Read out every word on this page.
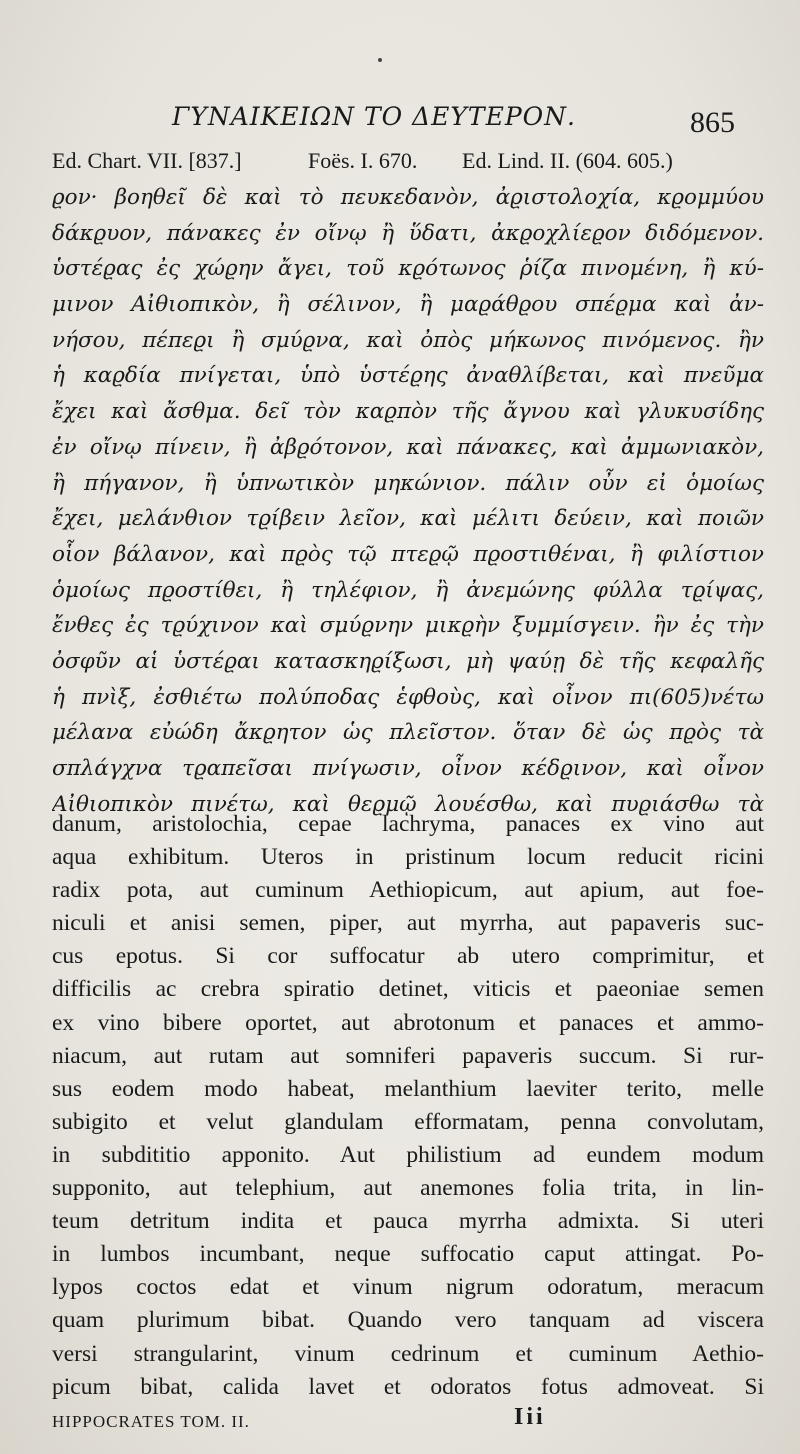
ΓΥΝΑΙΚΕΙΩΝ ΤΟ ΔΕΥΤΕΡΟΝ.	865
Ed. Chart. VII. [837.]	Foës. I. 670. Ed. Lind. II. (604. 605.)
ϱον· βοηθεῖ δὲ καὶ τὸ πευκεδανὸν, ἀϱιστολοχία, κϱομμύου
δάκϱυον, πάνακες ἐν οἴνῳ ἢ ὕδατι, ἀκϱοχλίεϱον διδόμενον.
ὑστέϱας ἐς χώϱην ἄγει, τοῦ κϱότωνος ῥίζα πινομένη, ἢ κύ-
μινον Αἰθιοπικὸν, ἢ σέλινον, ἢ μαϱάθϱου σπέϱμα καὶ ἀν-
νήσου, πέπεϱι ἢ σμύϱνα, καὶ ὀπὸς μήκωνος πινόμενος. ἢν
ἡ καϱδία πνίγεται, ὑπὸ ὑστέϱης ἀναθλίβεται, καὶ πνεῦμα
ἔχει καὶ ἄσθμα. δεῖ τὸν καϱπὸν τῆς ἄγνου καὶ γλυκυσίδης
ἐν οἴνῳ πίνειν, ἢ ἀβϱότονον, καὶ πάνακες, καὶ ἀμμωνιακὸν,
ἢ πήγανον, ἢ ὑπνωτικὸν μηκώνιον. πάλιν οὖν εἰ ὁμοίως
ἔχει, μελάνθιον τϱίβειν λεῖον, καὶ μέλιτι δεύειν, καὶ ποιῶν
οἷον βάλανον, καὶ πϱὸς τῷ πτεϱῷ πϱοστιθέναι, ἢ φιλίστιον
ὁμοίως πϱοστίθει, ἢ τηλέφιον, ἢ ἀνεμώνης φύλλα τϱίψας,
ἔνθες ἐς τϱύχινον καὶ σμύϱνην μικϱὴν ξυμμίσγειν. ἢν ἐς τὴν
ὀσφῦν αἱ ὑστέϱαι κατασκηϱίξωσι, μὴ ψαύῃ δὲ τῆς κεφαλῆς
ἡ πνὶξ, ἐσθιέτω πολύποδας ἑφθοὺς, καὶ οἶνον πι(605)νέτω
μέλανα εὐώδη ἄκϱητον ὡς πλεῖστον. ὅταν δὲ ὡς πϱὸς τὰ
σπλάγχνα τϱαπεῖσαι πνίγωσιν, οἶνον κέδϱινον, καὶ οἶνον
Αἰθιοπικὸν πινέτω, καὶ θεϱμῷ λουέσθω, καὶ πυϱιάσθω τὰ
danum, aristolochia, cepae lachryma, panaces ex vino aut
aqua exhibitum. Uteros in pristinum locum reducit ricini
radix pota, aut cuminum Aethiopicum, aut apium, aut foe-
niculi et anisi semen, piper, aut myrrha, aut papaveris suc-
cus epotus. Si cor suffocatur ab utero comprimitur, et
difficilis ac crebra spiratio detinet, viticis et paeoniae semen
ex vino bibere oportet, aut abrotonum et panaces et ammo-
niacum, aut rutam aut somniferi papaveris succum. Si rur-
sus eodem modo habeat, melanthium laeviter terito, melle
subigito et velut glandulam efformatam, penna convolutam,
in subdititio apponito. Aut philistium ad eundem modum
supponito, aut telephium, aut anemones folia trita, in lin-
teum detritum indita et pauca myrrha admixta. Si uteri
in lumbos incumbant, neque suffocatio caput attingat. Po-
lypos coctos edat et vinum nigrum odoratum, meracum
quam plurimum bibat. Quando vero tanquam ad viscera
versi strangularint, vinum cedrinum et cuminum Aethio-
picum bibat, calida lavet et odoratos fotus admoveat. Si
HIPPOCRATES TOM. II.	Iii
